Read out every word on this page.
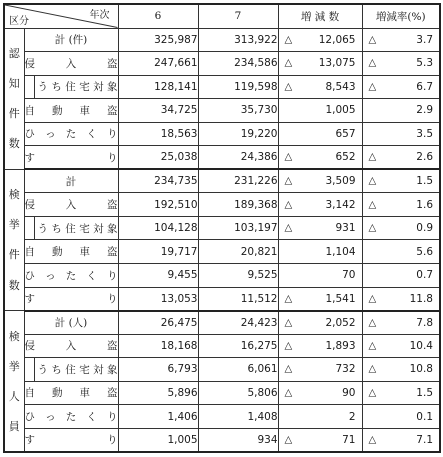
年次
区分			6	7	増 減 数	増減率(%)

認
知
件
数	計 (件)		325,987	313,922	△ 12,065	△ 3.7
	侵 入 盗		247,661	234,586	△ 13,075	△ 5.3
		うち住宅対象	128,141	119,598	△ 8,543	△ 6.7
	自 動 車 盗		34,725	35,730	1,005	2.9
	ひったくり		18,563	19,220	657	3.5
	す り		25,038	24,386	△ 652	△ 2.6

検
挙
件
数	計		234,735	231,226	△ 3,509	△ 1.5
	侵 入 盗		192,510	189,368	△ 3,142	△ 1.6
		うち住宅対象	104,128	103,197	△ 931	△ 0.9
	自 動 車 盗		19,717	20,821	1,104	5.6
	ひったくり		9,455	9,525	70	0.7
	す り		13,053	11,512	△ 1,541	△ 11.8

検
挙
人
員	計 (人)		26,475	24,423	△ 2,052	△ 7.8
	侵 入 盗		18,168	16,275	△ 1,893	△ 10.4
		うち住宅対象	6,793	6,061	△ 732	△ 10.8
	自 動 車 盗		5,896	5,806	△ 90	△ 1.5
	ひったくり		1,406	1,408	2	0.1
	す り		1,005	934	△ 71	△ 7.1
